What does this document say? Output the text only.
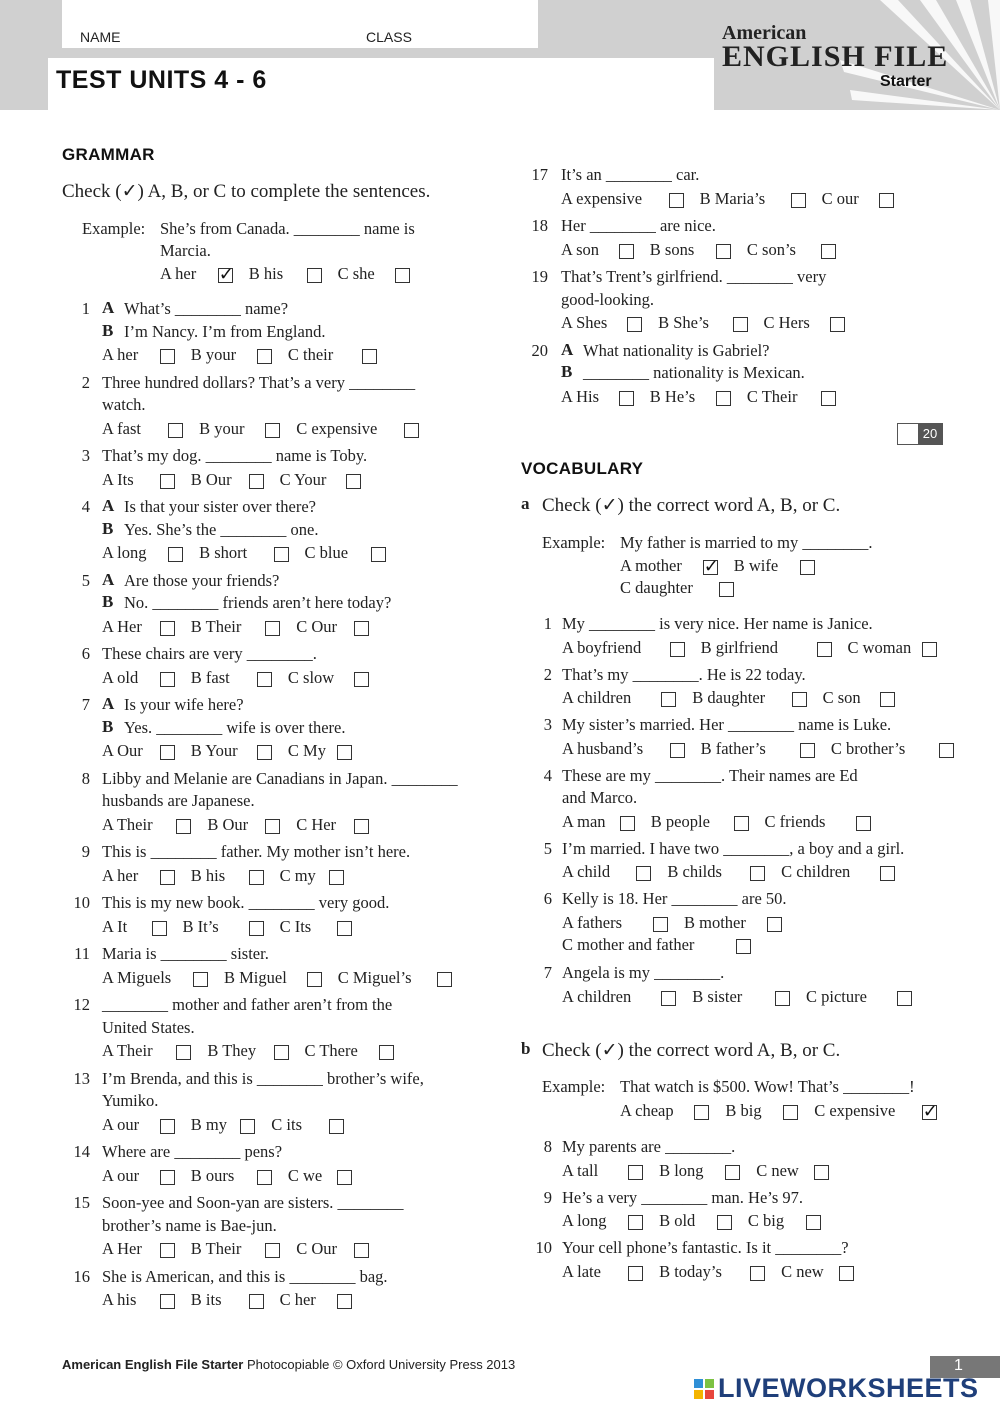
NAME	CLASS
TEST UNITS 4 - 6
American
ENGLISH FILE
Starter
GRAMMAR
Check (✓) A, B, or C to complete the sentences.
Example: She’s from Canada. ________ name is
Marcia.
20
VOCABULARY
a Check (✓) the correct word A, B, or C.
Example: My father is married to my ________.
b Check (✓) the correct word A, B, or C.
Example: That watch is $500. Wow! That’s ________!
American English File Starter Photocopiable © Oxford University Press 2013	1
LIVEWORKSHEETS
A her ✓ B his	C she
1 A What’s ________ name?
B I’m Nancy. I’m from England.
A her	B your	C their
2 Three hundred dollars? That’s a very ________
watch.
A fast	B your	C expensive
3 That’s my dog. ________ name is Toby.
A Its	B Our	C Your
4 A Is that your sister over there?
B Yes. She’s the ________ one.
A long	B short	C blue
5 A Are those your friends?
B No. ________ friends aren’t here today?
A Her	B Their	C Our
6 These chairs are very ________.
A old	B fast	C slow
7 A Is your wife here?
B Yes. ________ wife is over there.
A Our	B Your	C My
8 Libby and Melanie are Canadians in Japan. ________
husbands are Japanese.
A Their	B Our	C Her
9 This is ________ father. My mother isn’t here.
A her	B his	C my
10 This is my new book. ________ very good.
A It	B It’s	C Its
11 Maria is ________ sister.
A Miguels	B Miguel	C Miguel’s
12 ________ mother and father aren’t from the
United States.
A Their	B They	C There
13 I’m Brenda, and this is ________ brother’s wife,
Yumiko.
A our	B my	C its
14 Where are ________ pens?
A our	B ours	C we
15 Soon-yee and Soon-yan are sisters. ________
brother’s name is Bae-jun.
A Her	B Their	C Our
16 She is American, and this is ________ bag.
A his	B its	C her
17 It’s an ________ car.
A expensive	B Maria’s	C our
18 Her ________ are nice.
A son	B sons	C son’s
19 That’s Trent’s girlfriend. ________ very
good-looking.
A Shes	B She’s	C Hers
20 A What nationality is Gabriel?
B ________ nationality is Mexican.
A His	B He’s	C Their
A mother ✓ B wife
C daughter
1 My ________ is very nice. Her name is Janice.
A boyfriend	B girlfriend	C woman
2 That’s my ________. He is 22 today.
A children	B daughter	C son
3 My sister’s married. Her ________ name is Luke.
A husband’s	B father’s	C brother’s
4 These are my ________. Their names are Ed
and Marco.
A man	B people	C friends
5 I’m married. I have two ________, a boy and a girl.
A child	B childs	C children
6 Kelly is 18. Her ________ are 50.
A fathers	B mother
C mother and father
7 Angela is my ________.
A children	B sister	C picture
A cheap	B big	C expensive ✓
8 My parents are ________.
A tall	B long	C new
9 He’s a very ________ man. He’s 97.
A long	B old	C big
10 Your cell phone’s fantastic. Is it ________?
A late	B today’s	C new
